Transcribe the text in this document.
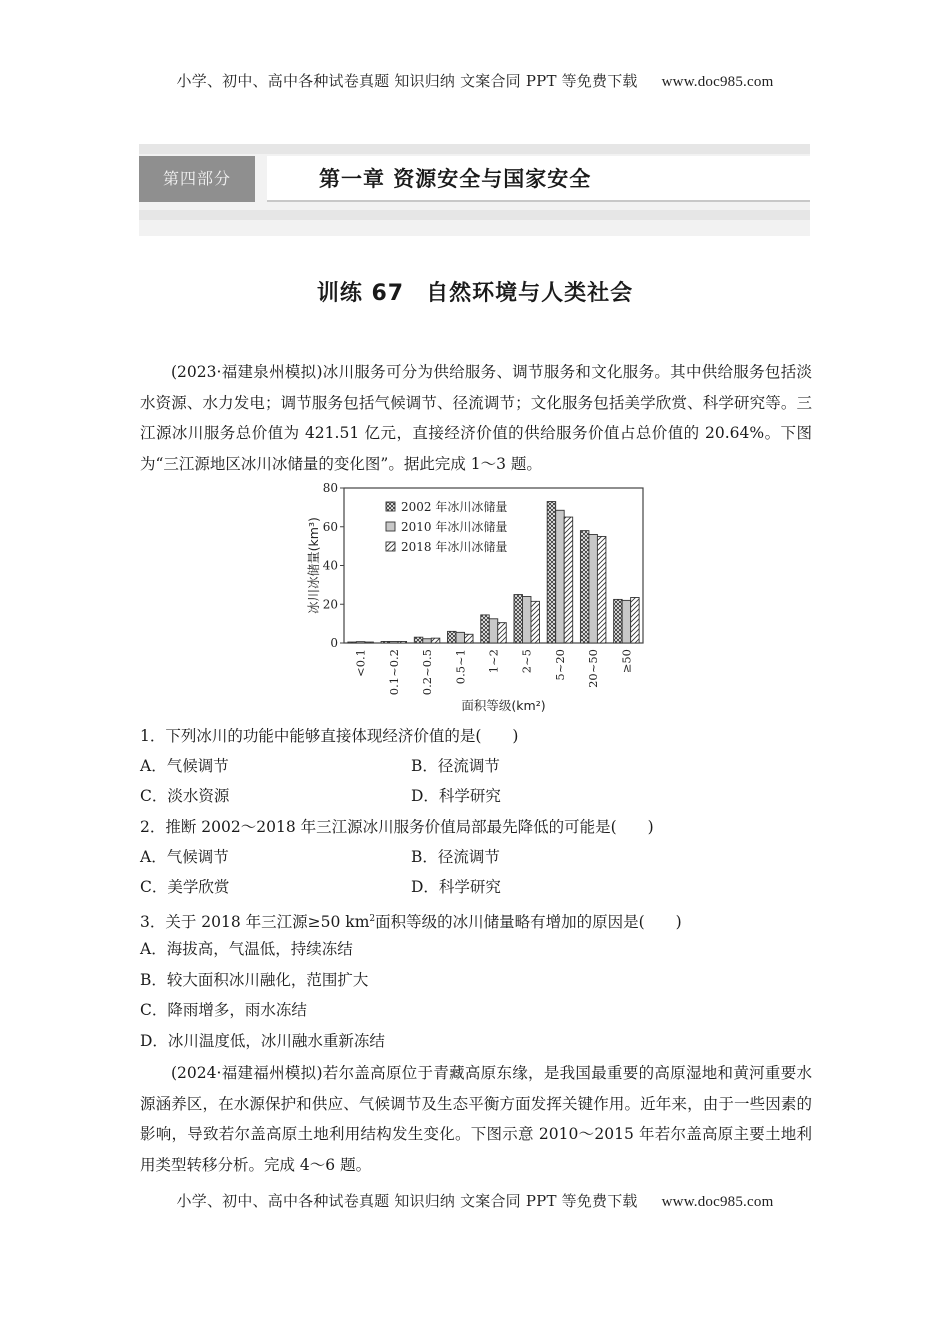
小学、初中、高中各种试卷真题 知识归纳 文案合同 PPT 等免费下载 www.doc985.com
第四部分	第一章 资源安全与国家安全
训练 67 自然环境与人类社会

(2023·福建泉州模拟)冰川服务可分为供给服务、调节服务和文化服务。其中供给服务包括淡水资源、水力发电；调节服务包括气候调节、径流调节；文化服务包括美学欣赏、科学研究等。三江源冰川服务总价值为 421.51 亿元，直接经济价值的供给服务价值占总价值的 20.64%。下图为“三江源地区冰川冰储量的变化图”。据此完成 1～3 题。

0
20
40
60
80
冰川冰储量(km³)
<0.1 0.1~0.2 0.2~0.5 0.5~1 1~2 2~5 5~20 20~50 ≥50
面积等级(km²)
2002 年冰川冰储量
2010 年冰川冰储量
2018 年冰川冰储量
1．下列冰川的功能中能够直接体现经济价值的是(　　)
A．气候调节	B．径流调节
C．淡水资源	D．科学研究
2．推断 2002～2018 年三江源冰川服务价值局部最先降低的可能是(　　)
A．气候调节	B．径流调节
C．美学欣赏	D．科学研究
3．关于 2018 年三江源≥50 $km^2$面积等级的冰川储量略有增加的原因是(　　)
A．海拔高，气温低，持续冻结
B．较大面积冰川融化，范围扩大
C．降雨增多，雨水冻结
D．冰川温度低，冰川融水重新冻结

(2024·福建福州模拟)若尔盖高原位于青藏高原东缘，是我国最重要的高原湿地和黄河重要水源涵养区，在水源保护和供应、气候调节及生态平衡方面发挥关键作用。近年来，由于一些因素的影响，导致若尔盖高原土地利用结构发生变化。下图示意 2010～2015 年若尔盖高原主要土地利用类型转移分析。完成 4～6 题。

小学、初中、高中各种试卷真题 知识归纳 文案合同 PPT 等免费下载 www.doc985.com
